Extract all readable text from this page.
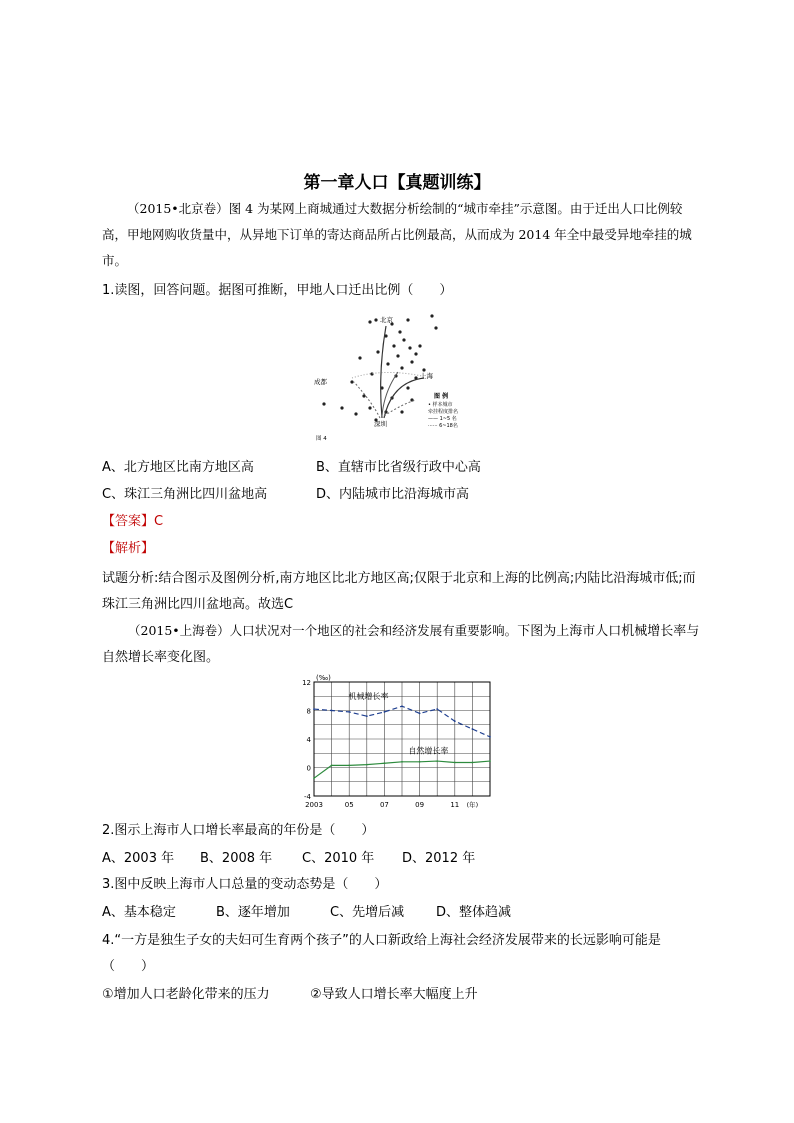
第一章人口【真题训练】
（2015•北京卷）图 4 为某网上商城通过大数据分析绘制的“城市牵挂”示意图。由于迁出人口比例较高，甲地网购收货量中，从异地下订单的寄达商品所占比例最高，从而成为 2014 年全中最受异地牵挂的城市。
1.读图，回答问题。据图可推断，甲地人口迁出比例（　　）
北京
上海
成都
深圳
图 例
• 样本城市
牵挂程度排名
—— 1~5 名
······ 6~18名
图 4
A、北方地区比南方地区高	B、直辖市比省级行政中心高
C、珠江三角洲比四川盆地高	D、内陆城市比沿海城市高
【答案】C
【解析】
试题分析:结合图示及图例分析,南方地区比北方地区高;仅限于北京和上海的比例高;内陆比沿海城市低;而珠江三角洲比四川盆地高。故选C
（2015•上海卷）人口状况对一个地区的社会和经济发展有重要影响。下图为上海市人口机械增长率与自然增长率变化图。
12
8
4
0
-4
(‰)
2003	05	07	09	11 (年)
机械增长率
自然增长率
2.图示上海市人口增长率最高的年份是（　　）
A、2003 年 B、2008 年 C、2010 年 D、2012 年
3.图中反映上海市人口总量的变动态势是（　　）
A、基本稳定	B、逐年增加	C、先增后减 D、整体趋减
4.“一方是独生子女的夫妇可生育两个孩子”的人口新政给上海社会经济发展带来的长远影响可能是（　　）
①增加人口老龄化带来的压力	②导致人口增长率大幅度上升
